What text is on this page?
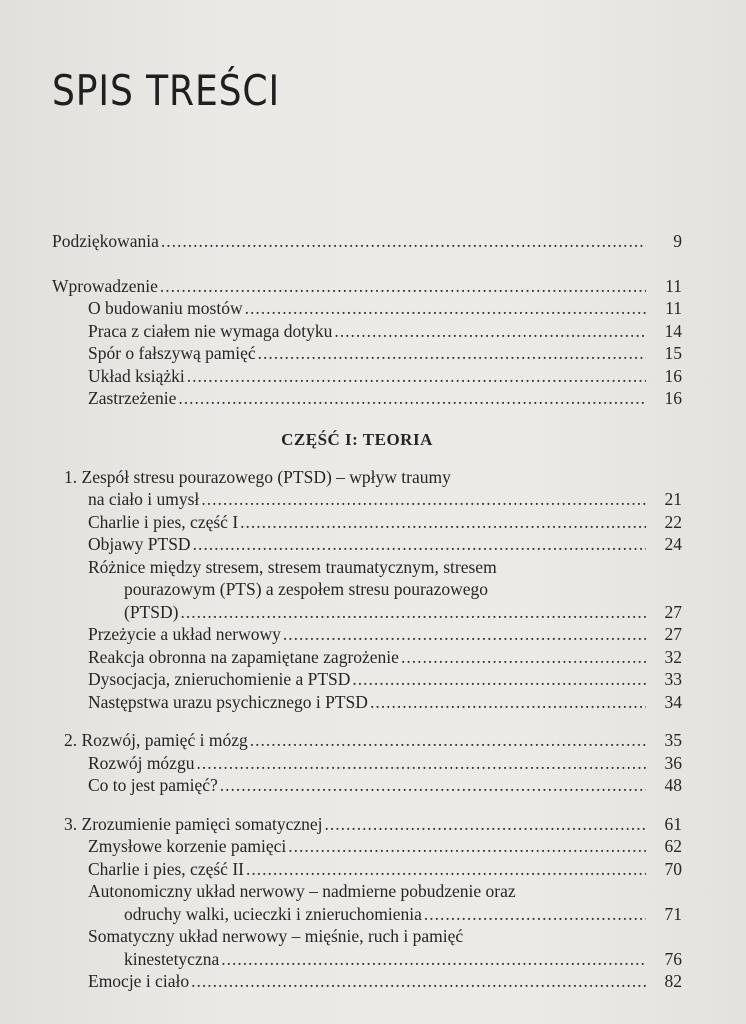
SPIS TREŚCI
Podziękowania .....	9
Wprowadzenie .....	11
O budowaniu mostów .....	11
Praca z ciałem nie wymaga dotyku .....	14
Spór o fałszywą pamięć .....	15
Układ książki .....	16
Zastrzeżenie .....	16
CZĘŚĆ I: TEORIA
1. Zespół stresu pourazowego (PTSD) – wpływ traumy
na ciało i umysł .....	21
Charlie i pies, część I .....	22
Objawy PTSD .....	24
Różnice między stresem, stresem traumatycznym, stresem
pourazowym (PTS) a zespołem stresu pourazowego
(PTSD) .....	27
Przeżycie a układ nerwowy .....	27
Reakcja obronna na zapamiętane zagrożenie .....	32
Dysocjacja, znieruchomienie a PTSD .....	33
Następstwa urazu psychicznego i PTSD .....	34
2. Rozwój, pamięć i mózg .....	35
Rozwój mózgu .....	36
Co to jest pamięć? .....	48
3. Zrozumienie pamięci somatycznej .....	61
Zmysłowe korzenie pamięci .....	62
Charlie i pies, część II .....	70
Autonomiczny układ nerwowy – nadmierne pobudzenie oraz
odruchy walki, ucieczki i znieruchomienia .....	71
Somatyczny układ nerwowy – mięśnie, ruch i pamięć
kinestetyczna .....	76
Emocje i ciało .....	82
